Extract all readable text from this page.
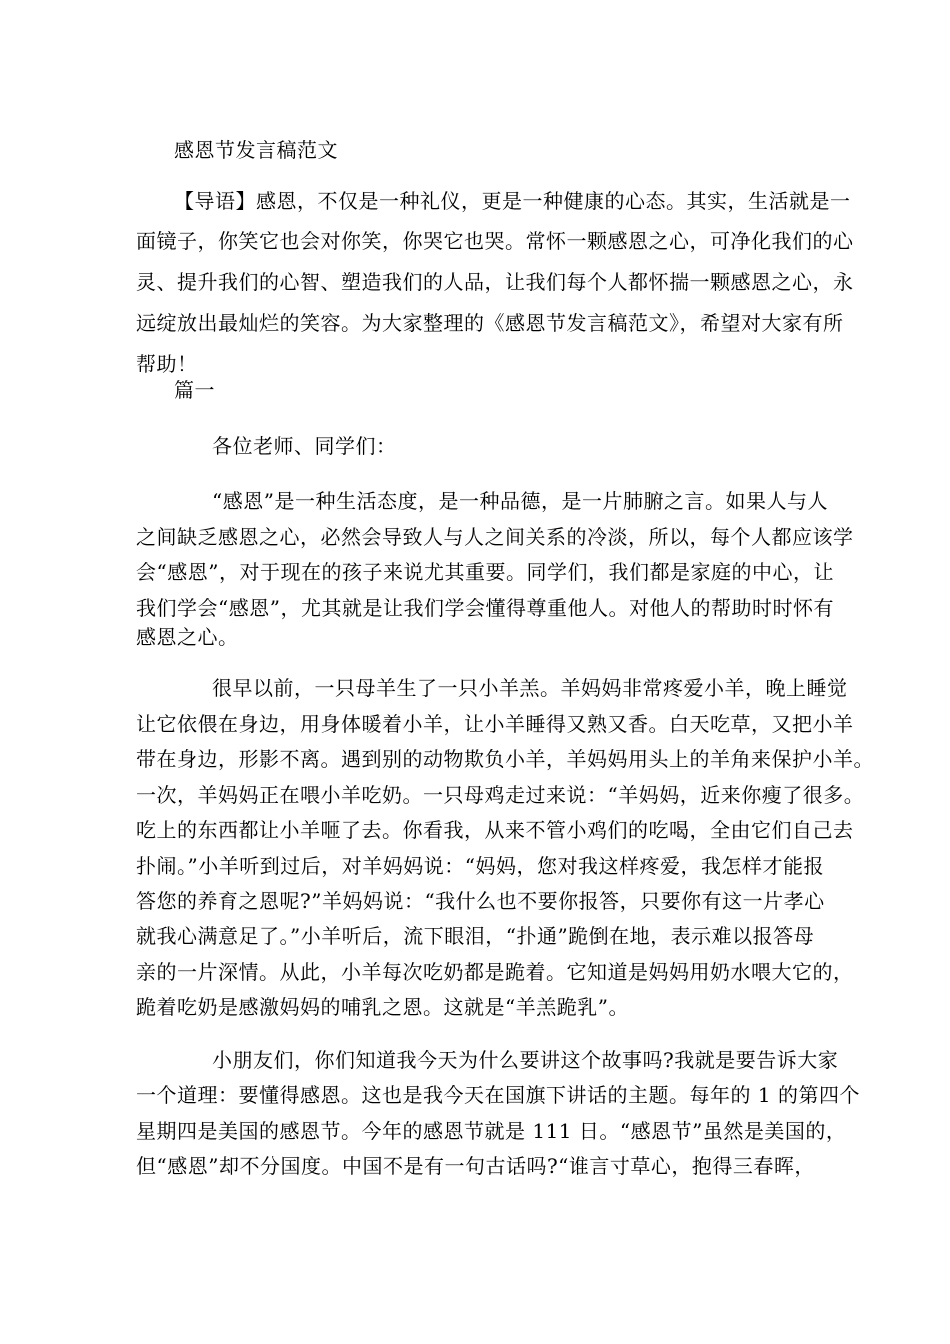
感恩节发言稿范文
【导语】感恩，不仅是一种礼仪，更是一种健康的心态。其实，生活就是一
面镜子，你笑它也会对你笑，你哭它也哭。常怀一颗感恩之心，可净化我们的心
灵、提升我们的心智、塑造我们的人品，让我们每个人都怀揣一颗感恩之心，永
远绽放出最灿烂的笑容。为大家整理的《感恩节发言稿范文》，希望对大家有所
帮助！
篇一
各位老师、同学们：
“感恩”是一种生活态度，是一种品德，是一片肺腑之言。如果人与人
之间缺乏感恩之心，必然会导致人与人之间关系的冷淡，所以，每个人都应该学
会“感恩”，对于现在的孩子来说尤其重要。同学们，我们都是家庭的中心，让
我们学会“感恩”，尤其就是让我们学会懂得尊重他人。对他人的帮助时时怀有
感恩之心。
很早以前，一只母羊生了一只小羊羔。羊妈妈非常疼爱小羊，晚上睡觉
让它依偎在身边，用身体暖着小羊，让小羊睡得又熟又香。白天吃草，又把小羊
带在身边，形影不离。遇到别的动物欺负小羊，羊妈妈用头上的羊角来保护小羊。
一次，羊妈妈正在喂小羊吃奶。一只母鸡走过来说：“羊妈妈，近来你瘦了很多。
吃上的东西都让小羊咂了去。你看我，从来不管小鸡们的吃喝，全由它们自己去
扑闹。”小羊听到过后，对羊妈妈说：“妈妈，您对我这样疼爱，我怎样才能报
答您的养育之恩呢?”羊妈妈说：“我什么也不要你报答，只要你有这一片孝心
就我心满意足了。”小羊听后，流下眼泪，“扑通”跪倒在地，表示难以报答母
亲的一片深情。从此，小羊每次吃奶都是跪着。它知道是妈妈用奶水喂大它的，
跪着吃奶是感激妈妈的哺乳之恩。这就是“羊羔跪乳”。
小朋友们，你们知道我今天为什么要讲这个故事吗?我就是要告诉大家
一个道理：要懂得感恩。这也是我今天在国旗下讲话的主题。每年的 1 的第四个
星期四是美国的感恩节。今年的感恩节就是 111 日。“感恩节”虽然是美国的，
但“感恩”却不分国度。中国不是有一句古话吗?“谁言寸草心，抱得三春晖，
